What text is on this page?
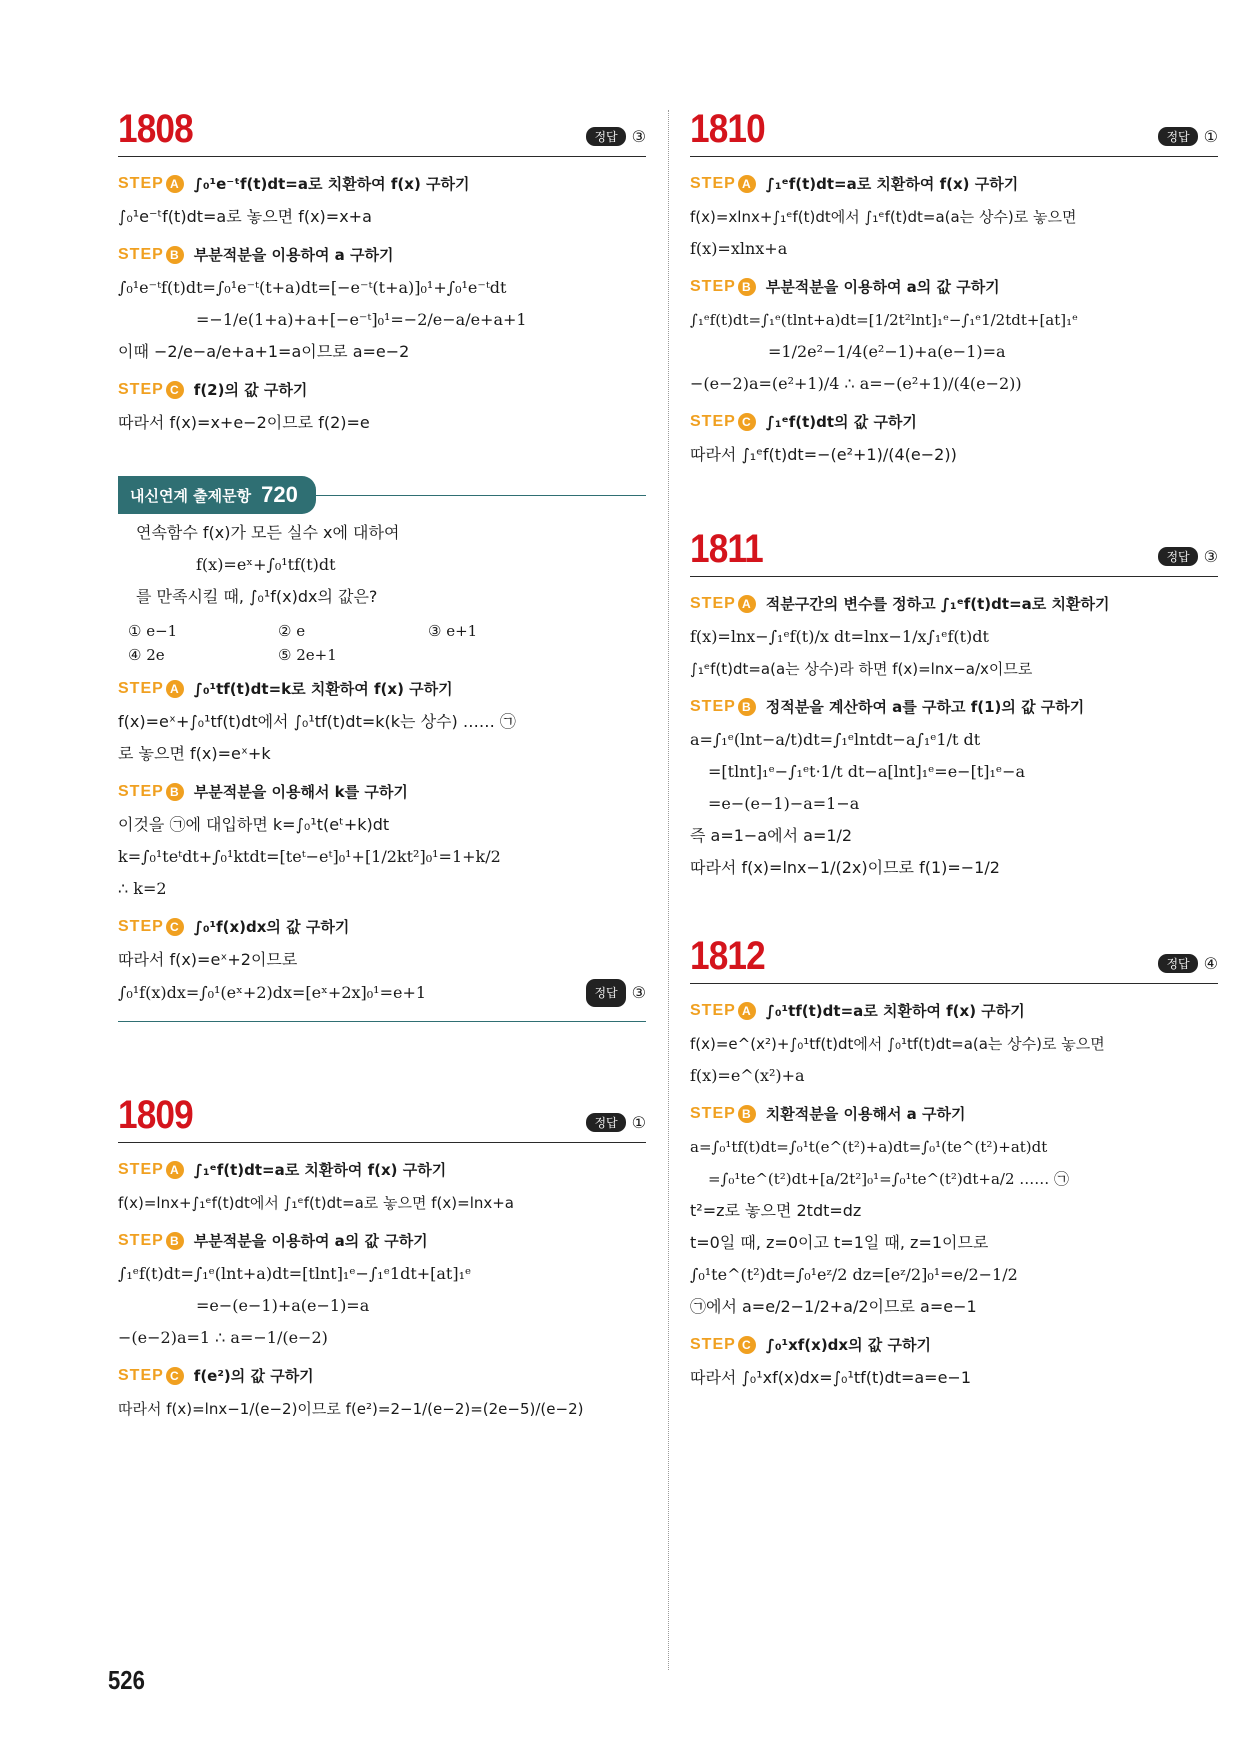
1808	정답 ③
STEP A ∫₀¹e⁻ᵗf(t)dt=a로 치환하여 f(x) 구하기
∫₀¹e⁻ᵗf(t)dt=a로 놓으면 f(x)=x+a
STEP B 부분적분을 이용하여 a 구하기
∫₀¹e⁻ᵗf(t)dt=∫₀¹e⁻ᵗ(t+a)dt=[−e⁻ᵗ(t+a)]₀¹+∫₀¹e⁻ᵗdt
=−1/e(1+a)+a+[−e⁻ᵗ]₀¹=−2/e−a/e+a+1
이때 −2/e−a/e+a+1=a이므로 a=e−2
STEP C f(2)의 값 구하기
따라서 f(x)=x+e−2이므로 f(2)=e
내신연계 출제문항 720
연속함수 f(x)가 모든 실수 x에 대하여
f(x)=eˣ+∫₀¹tf(t)dt
를 만족시킬 때, ∫₀¹f(x)dx의 값은?
① e−1	② e	③ e+1
④ 2e	⑤ 2e+1
STEP A ∫₀¹tf(t)dt=k로 치환하여 f(x) 구하기
f(x)=eˣ+∫₀¹tf(t)dt에서 ∫₀¹tf(t)dt=k(k는 상수) …… ㉠
로 놓으면 f(x)=eˣ+k
STEP B 부분적분을 이용해서 k를 구하기
이것을 ㉠에 대입하면 k=∫₀¹t(eᵗ+k)dt
k=∫₀¹teᵗdt+∫₀¹ktdt=[teᵗ−eᵗ]₀¹+[1/2kt²]₀¹=1+k/2
∴ k=2
STEP C ∫₀¹f(x)dx의 값 구하기
따라서 f(x)=eˣ+2이므로
∫₀¹f(x)dx=∫₀¹(eˣ+2)dx=[eˣ+2x]₀¹=e+1	정답 ③
1809	정답 ①
STEP A ∫₁ᵉf(t)dt=a로 치환하여 f(x) 구하기
f(x)=lnx+∫₁ᵉf(t)dt에서 ∫₁ᵉf(t)dt=a로 놓으면 f(x)=lnx+a
STEP B 부분적분을 이용하여 a의 값 구하기
∫₁ᵉf(t)dt=∫₁ᵉ(lnt+a)dt=[tlnt]₁ᵉ−∫₁ᵉ1dt+[at]₁ᵉ
=e−(e−1)+a(e−1)=a
−(e−2)a=1 ∴ a=−1/(e−2)
STEP C f(e²)의 값 구하기
따라서 f(x)=lnx−1/(e−2)이므로 f(e²)=2−1/(e−2)=(2e−5)/(e−2)
1810	정답 ①
STEP A ∫₁ᵉf(t)dt=a로 치환하여 f(x) 구하기
f(x)=xlnx+∫₁ᵉf(t)dt에서 ∫₁ᵉf(t)dt=a(a는 상수)로 놓으면
f(x)=xlnx+a
STEP B 부분적분을 이용하여 a의 값 구하기
∫₁ᵉf(t)dt=∫₁ᵉ(tlnt+a)dt=[1/2t²lnt]₁ᵉ−∫₁ᵉ1/2tdt+[at]₁ᵉ
=1/2e²−1/4(e²−1)+a(e−1)=a
−(e−2)a=(e²+1)/4 ∴ a=−(e²+1)/(4(e−2))
STEP C ∫₁ᵉf(t)dt의 값 구하기
따라서 ∫₁ᵉf(t)dt=−(e²+1)/(4(e−2))
1811	정답 ③
STEP A 적분구간의 변수를 정하고 ∫₁ᵉf(t)dt=a로 치환하기
f(x)=lnx−∫₁ᵉf(t)/x dt=lnx−1/x∫₁ᵉf(t)dt
∫₁ᵉf(t)dt=a(a는 상수)라 하면 f(x)=lnx−a/x이므로
STEP B 정적분을 계산하여 a를 구하고 f(1)의 값 구하기
a=∫₁ᵉ(lnt−a/t)dt=∫₁ᵉlntdt−a∫₁ᵉ1/t dt
=[tlnt]₁ᵉ−∫₁ᵉt·1/t dt−a[lnt]₁ᵉ=e−[t]₁ᵉ−a
=e−(e−1)−a=1−a
즉 a=1−a에서 a=1/2
따라서 f(x)=lnx−1/(2x)이므로 f(1)=−1/2
1812	정답 ④
STEP A ∫₀¹tf(t)dt=a로 치환하여 f(x) 구하기
f(x)=e^(x²)+∫₀¹tf(t)dt에서 ∫₀¹tf(t)dt=a(a는 상수)로 놓으면
f(x)=e^(x²)+a
STEP B 치환적분을 이용해서 a 구하기
a=∫₀¹tf(t)dt=∫₀¹t(e^(t²)+a)dt=∫₀¹(te^(t²)+at)dt
=∫₀¹te^(t²)dt+[a/2t²]₀¹=∫₀¹te^(t²)dt+a/2 …… ㉠
t²=z로 놓으면 2tdt=dz
t=0일 때, z=0이고 t=1일 때, z=1이므로
∫₀¹te^(t²)dt=∫₀¹eᶻ/2 dz=[eᶻ/2]₀¹=e/2−1/2
㉠에서 a=e/2−1/2+a/2이므로 a=e−1
STEP C ∫₀¹xf(x)dx의 값 구하기
따라서 ∫₀¹xf(x)dx=∫₀¹tf(t)dt=a=e−1
526
